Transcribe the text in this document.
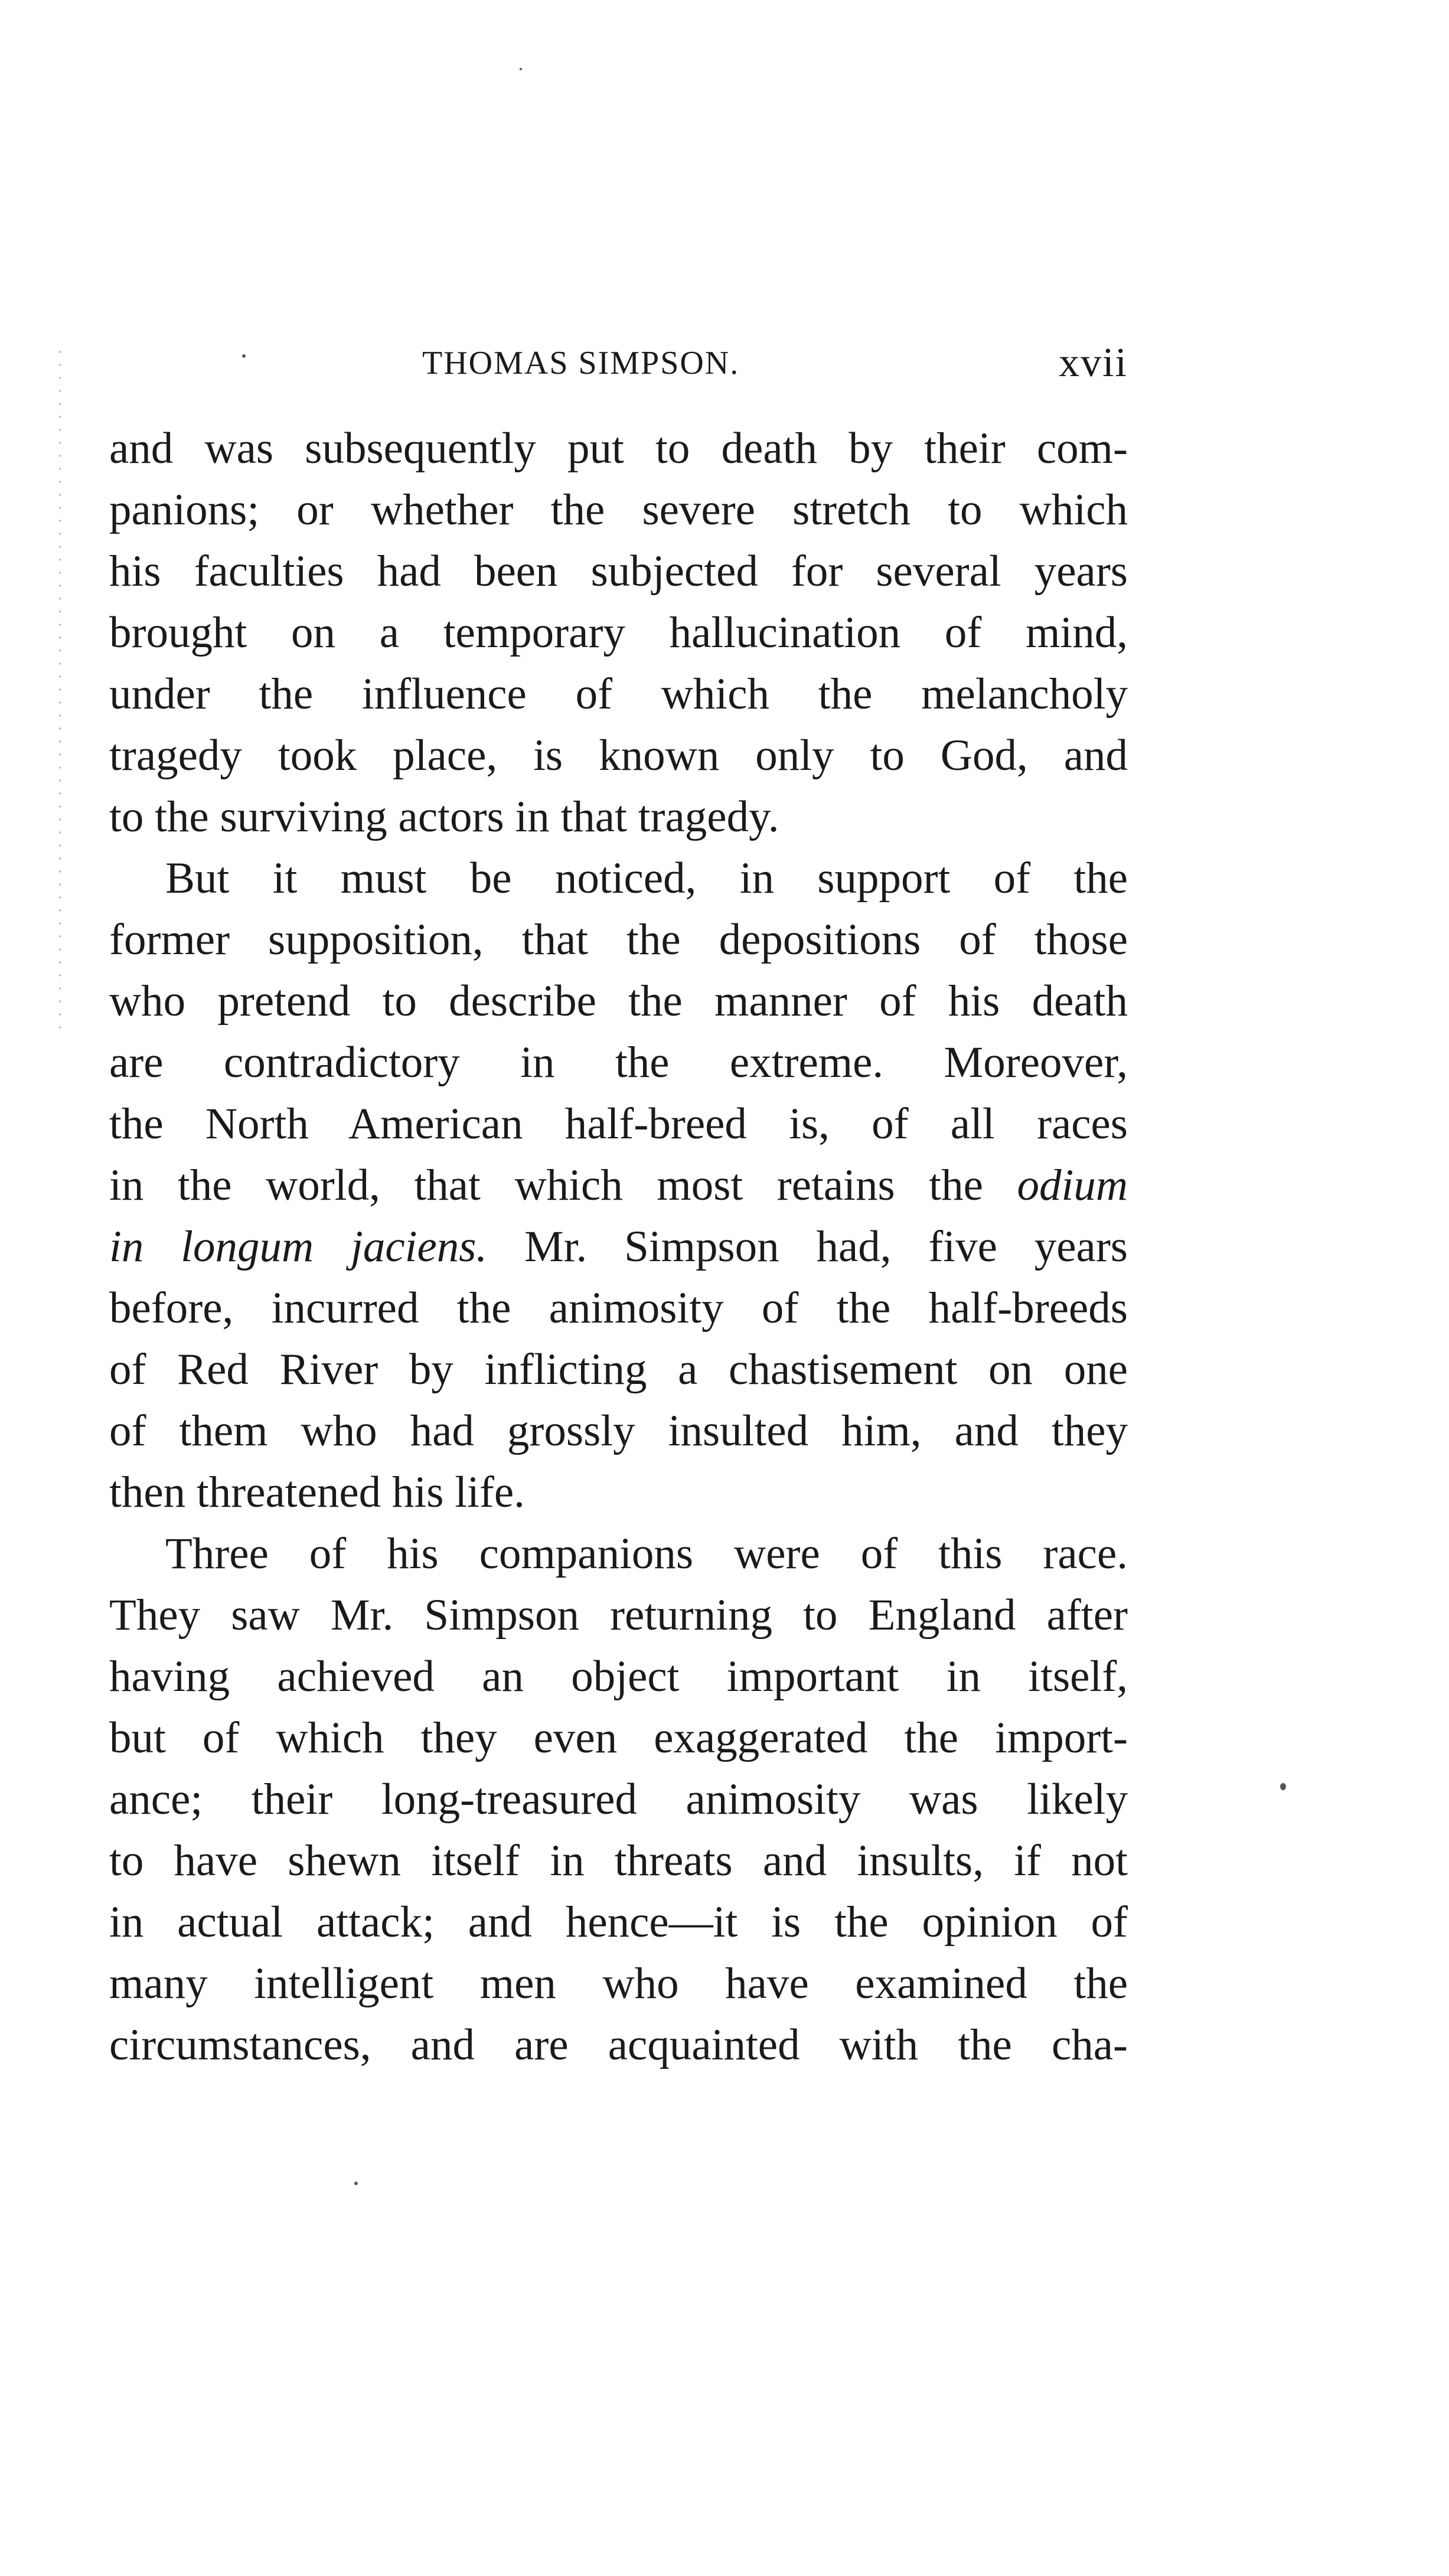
THOMAS SIMPSON.	xvii
and was subsequently put to death by their com-
panions; or whether the severe stretch to which
his faculties had been subjected for several years
brought on a temporary hallucination of mind,
under the influence of which the melancholy
tragedy took place, is known only to God, and
to the surviving actors in that tragedy.
But it must be noticed, in support of the
former supposition, that the depositions of those
who pretend to describe the manner of his death
are contradictory in the extreme. Moreover,
the North American half-breed is, of all races
in the world, that which most retains the odium
in longum jaciens. Mr. Simpson had, five years
before, incurred the animosity of the half-breeds
of Red River by inflicting a chastisement on one
of them who had grossly insulted him, and they
then threatened his life.
Three of his companions were of this race.
They saw Mr. Simpson returning to England after
having achieved an object important in itself,
but of which they even exaggerated the import-
ance; their long-treasured animosity was likely
to have shewn itself in threats and insults, if not
in actual attack; and hence—it is the opinion of
many intelligent men who have examined the
circumstances, and are acquainted with the cha-
